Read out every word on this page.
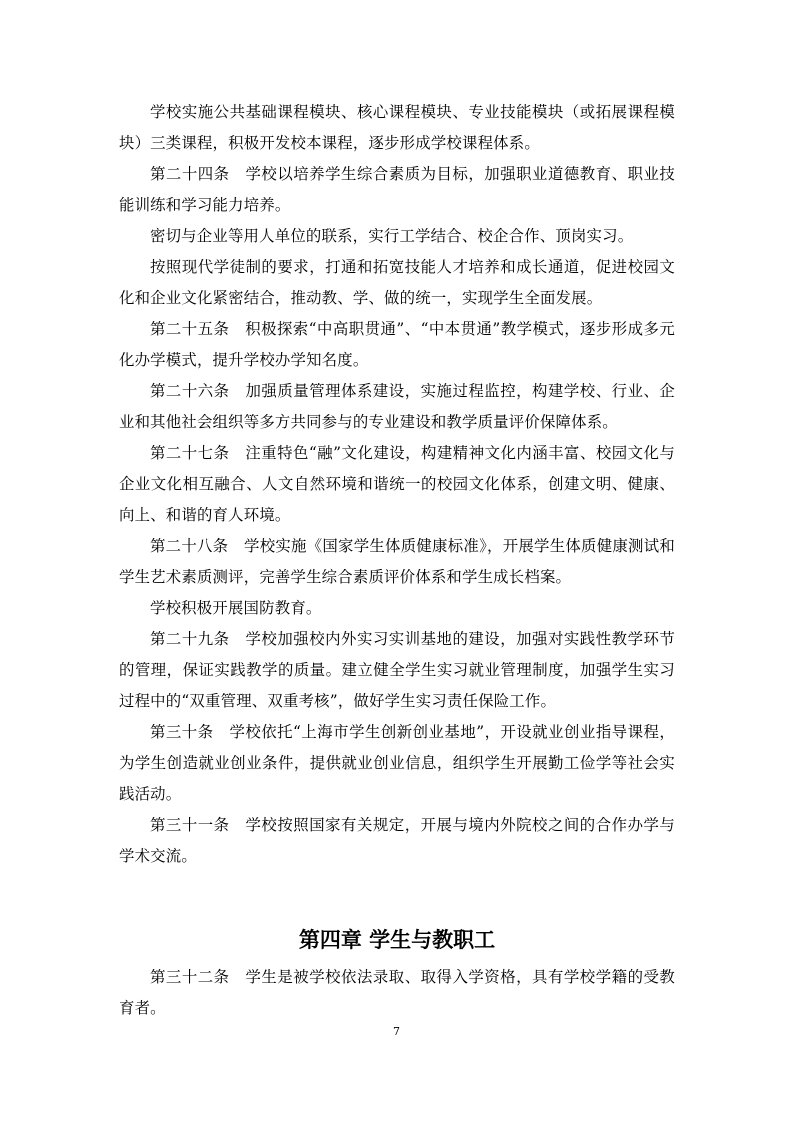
学校实施公共基础课程模块、核心课程模块、专业技能模块（或拓展课程模块）三类课程，积极开发校本课程，逐步形成学校课程体系。

第二十四条　学校以培养学生综合素质为目标，加强职业道德教育、职业技能训练和学习能力培养。

密切与企业等用人单位的联系，实行工学结合、校企合作、顶岗实习。

按照现代学徒制的要求，打通和拓宽技能人才培养和成长通道，促进校园文化和企业文化紧密结合，推动教、学、做的统一，实现学生全面发展。

第二十五条　积极探索“中高职贯通”、“中本贯通”教学模式，逐步形成多元化办学模式，提升学校办学知名度。

第二十六条　加强质量管理体系建设，实施过程监控，构建学校、行业、企业和其他社会组织等多方共同参与的专业建设和教学质量评价保障体系。

第二十七条　注重特色“融”文化建设，构建精神文化内涵丰富、校园文化与企业文化相互融合、人文自然环境和谐统一的校园文化体系，创建文明、健康、向上、和谐的育人环境。

第二十八条　学校实施《国家学生体质健康标准》，开展学生体质健康测试和学生艺术素质测评，完善学生综合素质评价体系和学生成长档案。

学校积极开展国防教育。

第二十九条　学校加强校内外实习实训基地的建设，加强对实践性教学环节的管理，保证实践教学的质量。建立健全学生实习就业管理制度，加强学生实习过程中的“双重管理、双重考核”，做好学生实习责任保险工作。

第三十条　学校依托“上海市学生创新创业基地”，开设就业创业指导课程，为学生创造就业创业条件，提供就业创业信息，组织学生开展勤工俭学等社会实践活动。

第三十一条　学校按照国家有关规定，开展与境内外院校之间的合作办学与学术交流。

第四章 学生与教职工

第三十二条　学生是被学校依法录取、取得入学资格，具有学校学籍的受教育者。

7
